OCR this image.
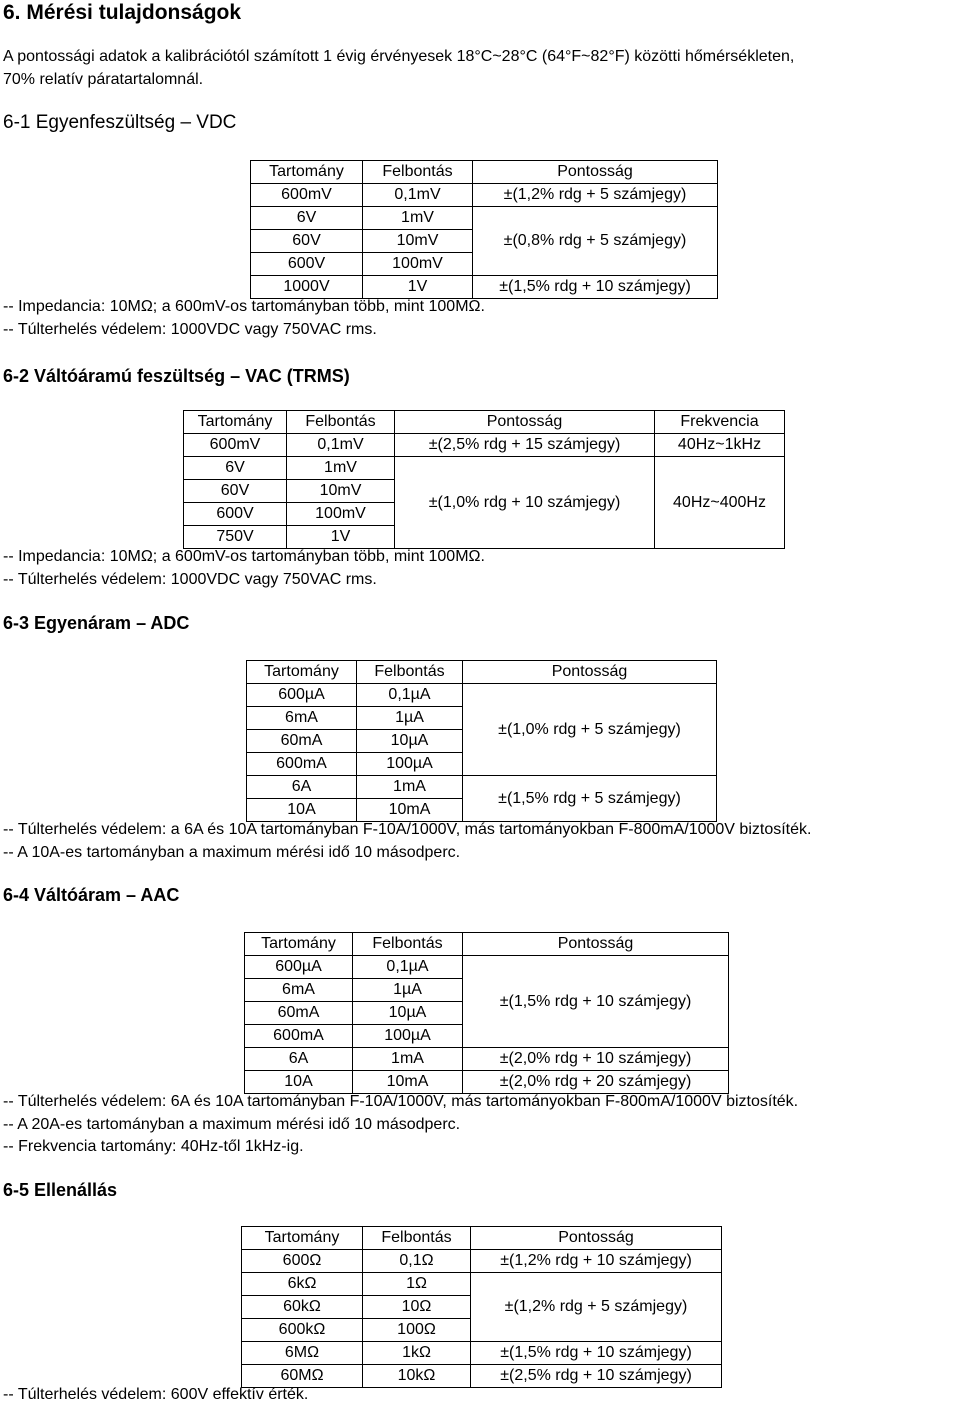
6. Mérési tulajdonságok
A pontossági adatok a kalibrációtól számított 1 évig érvényesek 18°C~28°C (64°F~82°F) közötti hőmérsékleten,
70% relatív páratartalomnál.
6-1 Egyenfeszültség – VDC
Tartomány	Felbontás	Pontosság
600mV	0,1mV	±(1,2% rdg + 5 számjegy)
6V	1mV	±(0,8% rdg + 5 számjegy)
60V	10mV	
600V	100mV	
1000V	1V	±(1,5% rdg + 10 számjegy)
-- Impedancia: 10MΩ; a 600mV-os tartományban több, mint 100MΩ.
-- Túlterhelés védelem: 1000VDC vagy 750VAC rms.
6-2 Váltóáramú feszültség – VAC (TRMS)
Tartomány	Felbontás	Pontosság	Frekvencia
600mV	0,1mV	±(2,5% rdg + 15 számjegy)	40Hz~1kHz
6V	1mV	±(1,0% rdg + 10 számjegy)	40Hz~400Hz
60V	10mV		
600V	100mV		
750V	1V		
-- Impedancia: 10MΩ; a 600mV-os tartományban több, mint 100MΩ.
-- Túlterhelés védelem: 1000VDC vagy 750VAC rms.
6-3 Egyenáram – ADC
Tartomány	Felbontás	Pontosság
600µA	0,1µA	±(1,0% rdg + 5 számjegy)
6mA	1µA	
60mA	10µA	
600mA	100µA	
6A	1mA	±(1,5% rdg + 5 számjegy)
10A	10mA	
-- Túlterhelés védelem: a 6A és 10A tartományban F-10A/1000V, más tartományokban F-800mA/1000V biztosíték.
-- A 10A-es tartományban a maximum mérési idő 10 másodperc.
6-4 Váltóáram – AAC
Tartomány	Felbontás	Pontosság
600µA	0,1µA	±(1,5% rdg + 10 számjegy)
6mA	1µA	
60mA	10µA	
600mA	100µA	
6A	1mA	±(2,0% rdg + 10 számjegy)
10A	10mA	±(2,0% rdg + 20 számjegy)
-- Túlterhelés védelem: 6A és 10A tartományban F-10A/1000V, más tartományokban F-800mA/1000V biztosíték.
-- A 20A-es tartományban a maximum mérési idő 10 másodperc.
-- Frekvencia tartomány: 40Hz-től 1kHz-ig.
6-5 Ellenállás
Tartomány	Felbontás	Pontosság
600Ω	0,1Ω	±(1,2% rdg + 10 számjegy)
6kΩ	1Ω	±(1,2% rdg + 5 számjegy)
60kΩ	10Ω	
600kΩ	100Ω	
6MΩ	1kΩ	±(1,5% rdg + 10 számjegy)
60MΩ	10kΩ	±(2,5% rdg + 10 számjegy)
-- Túlterhelés védelem: 600V effektív érték.
